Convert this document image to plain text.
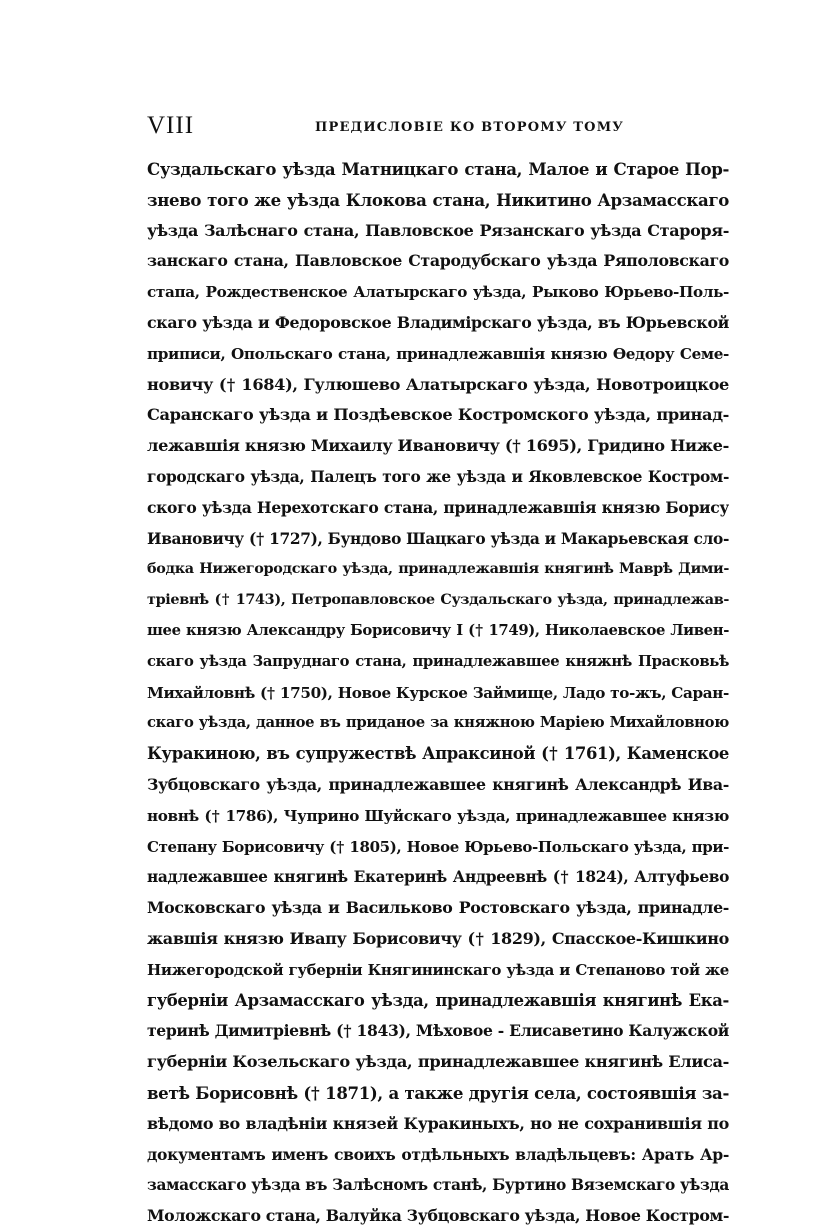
VIII	ПРЕДИСЛОВІЕ КО ВТОРОМУ ТОМУ
Суздальскаго уѣзда Матницкаго стана, Малое и Старое Пор-
знево того же уѣзда Клокова стана, Никитино Арзамасскаго
уѣзда Залѣснаго стана, Павловское Рязанскаго уѣзда Староря-
занскаго стана, Павловское Стародубскаго уѣзда Ряполовскаго
стапа, Рождественское Алатырскаго уѣзда, Рыково Юрьево-Поль-
скаго уѣзда и Федоровское Владимірскаго уѣзда, въ Юрьевской
приписи, Опольскаго стана, принадлежавшія князю Ѳедору Семе-
новичу († 1684), Гулюшево Алатырскаго уѣзда, Новотроицкое
Саранскаго уѣзда и Поздѣевское Костромского уѣзда, принад-
лежавшія князю Михаилу Ивановичу († 1695), Гридино Ниже-
городскаго уѣзда, Палецъ того же уѣзда и Яковлевское Костром-
ского уѣзда Нерехотскаго стана, принадлежавшія князю Борису
Ивановичу († 1727), Бундово Шацкаго уѣзда и Макарьевская сло-
бодка Нижегородскаго уѣзда, принадлежавшія княгинѣ Маврѣ Дими-
тріевнѣ († 1743), Петропавловское Суздальскаго уѣзда, принадлежав-
шее князю Александру Борисовичу I († 1749), Николаевское Ливен-
скаго уѣзда Запруднаго стана, принадлежавшее княжнѣ Прасковьѣ
Михайловнѣ († 1750), Новое Курское Займище, Ладо то-жъ, Саран-
скаго уѣзда, данное въ приданое за княжною Маріею Михайловною
Куракиною, въ супружествѣ Апраксиной († 1761), Каменское
Зубцовскаго уѣзда, принадлежавшее княгинѣ Александрѣ Ива-
новнѣ († 1786), Чуприно Шуйскаго уѣзда, принадлежавшее князю
Степану Борисовичу († 1805), Новое Юрьево-Польскаго уѣзда, при-
надлежавшее княгинѣ Екатеринѣ Андреевнѣ († 1824), Алтуфьево
Московскаго уѣзда и Васильково Ростовскаго уѣзда, принадле-
жавшія князю Ивапу Борисовичу († 1829), Спасское-Кишкино
Нижегородской губерніи Княгининскаго уѣзда и Степаново той же
губерніи Арзамасскаго уѣзда, принадлежавшія княгинѣ Ека-
теринѣ Димитріевнѣ († 1843), Мѣховое - Елисаветино Калужской
губерніи Козельскаго уѣзда, принадлежавшее княгинѣ Елиса-
ветѣ Борисовнѣ († 1871), а также другія села, состоявшія за-
вѣдомо во владѣніи князей Куракиныхъ, но не сохранившія по
документамъ именъ своихъ отдѣльныхъ владѣльцевъ: Арать Ар-
замасскаго уѣзда въ Залѣсномъ станѣ, Буртино Вяземскаго уѣзда
Моложскаго стана, Валуйка Зубцовскаго уѣзда, Новое Костром-
